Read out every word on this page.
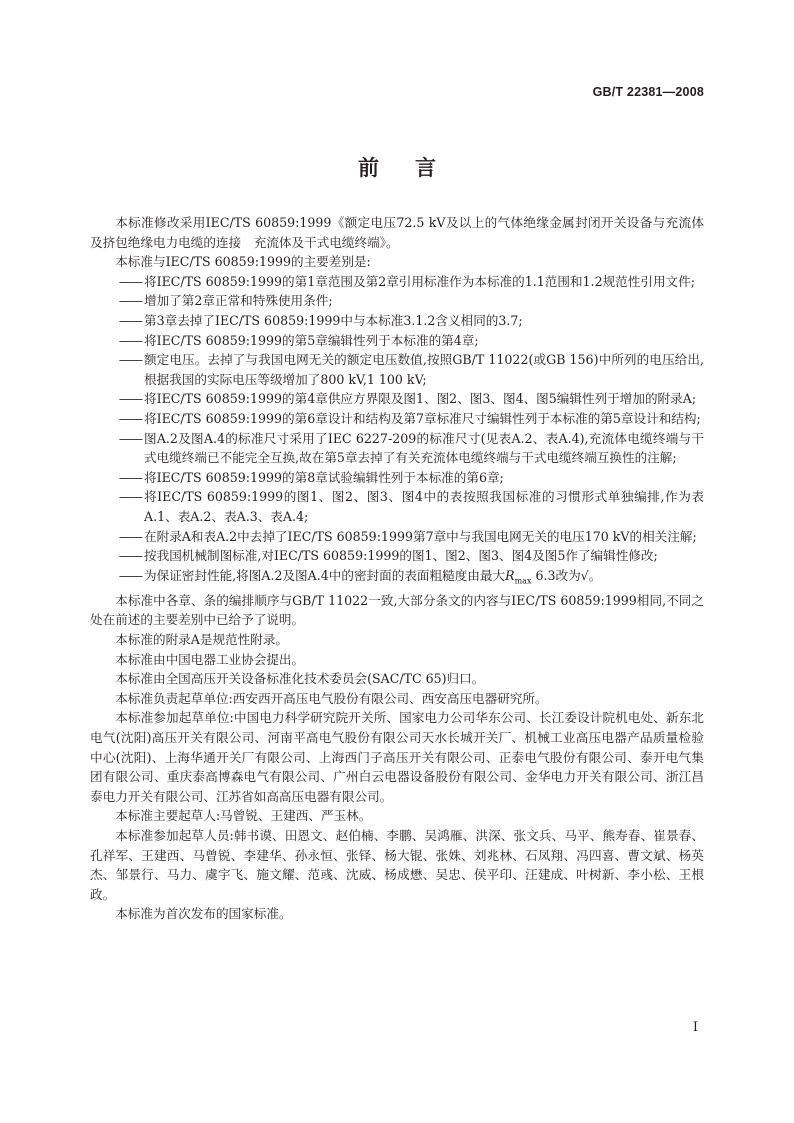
GB/T 22381—2008
前 言

本标准修改采用IEC/TS 60859:1999《额定电压72.5 kV及以上的气体绝缘金属封闭开关设备与充流体及挤包绝缘电力电缆的连接　充流体及干式电缆终端》。

本标准与IEC/TS 60859:1999的主要差别是:

—— 将IEC/TS 60859:1999的第1章范围及第2章引用标准作为本标准的1.1范围和1.2规范性引用文件;
—— 增加了第2章正常和特殊使用条件;
—— 第3章去掉了IEC/TS 60859:1999中与本标准3.1.2含义相同的3.7;
—— 将IEC/TS 60859:1999的第5章编辑性列于本标准的第4章;
—— 额定电压。去掉了与我国电网无关的额定电压数值,按照GB/T 11022(或GB 156)中所列的电压给出,根据我国的实际电压等级增加了800 kV,1 100 kV;
—— 将IEC/TS 60859:1999的第4章供应方界限及图1、图2、图3、图4、图5编辑性列于增加的附录A;
—— 将IEC/TS 60859:1999的第6章设计和结构及第7章标准尺寸编辑性列于本标准的第5章设计和结构;
—— 图A.2及图A.4的标准尺寸采用了IEC 6227-209的标准尺寸(见表A.2、表A.4),充流体电缆终端与干式电缆终端已不能完全互换,故在第5章去掉了有关充流体电缆终端与干式电缆终端互换性的注解;
—— 将IEC/TS 60859:1999的第8章试验编辑性列于本标准的第6章;
—— 将IEC/TS 60859:1999的图1、图2、图3、图4中的表按照我国标准的习惯形式单独编排,作为表A.1、表A.2、表A.3、表A.4;
—— 在附录A和表A.2中去掉了IEC/TS 60859:1999第7章中与我国电网无关的电压170 kV的相关注解;
—— 按我国机械制图标准,对IEC/TS 60859:1999的图1、图2、图3、图4及图5作了编辑性修改;
—— 为保证密封性能,将图A.2及图A.4中的密封面的表面粗糙度由最大$R_{max}$ 6.3改为√。

本标准中各章、条的编排顺序与GB/T 11022一致,大部分条文的内容与IEC/TS 60859:1999相同,不同之处在前述的主要差别中已给予了说明。

本标准的附录A是规范性附录。

本标准由中国电器工业协会提出。

本标准由全国高压开关设备标准化技术委员会(SAC/TC 65)归口。

本标准负责起草单位:西安西开高压电气股份有限公司、西安高压电器研究所。

本标准参加起草单位:中国电力科学研究院开关所、国家电力公司华东公司、长江委设计院机电处、新东北电气(沈阳)高压开关有限公司、河南平高电气股份有限公司天水长城开关厂、机械工业高压电器产品质量检验中心(沈阳)、上海华通开关厂有限公司、上海西门子高压开关有限公司、正泰电气股份有限公司、泰开电气集团有限公司、重庆泰高博森电气有限公司、广州白云电器设备股份有限公司、金华电力开关有限公司、浙江昌泰电力开关有限公司、江苏省如高高压电器有限公司。

本标准主要起草人:马曾锐、王建西、严玉林。

本标准参加起草人员:韩书谟、田恩文、赵伯楠、李鹏、吴鸿雁、洪深、张文兵、马平、熊寿春、崔景春、孔祥军、王建西、马曾锐、李建华、孙永恒、张铎、杨大锟、张姝、刘兆林、石凤翔、冯四喜、曹文斌、杨英杰、邹景行、马力、虞宇飞、施文耀、范彧、沈威、杨成懋、吴忠、侯平印、汪建成、叶树新、李小松、王根政。

本标准为首次发布的国家标准。

I
